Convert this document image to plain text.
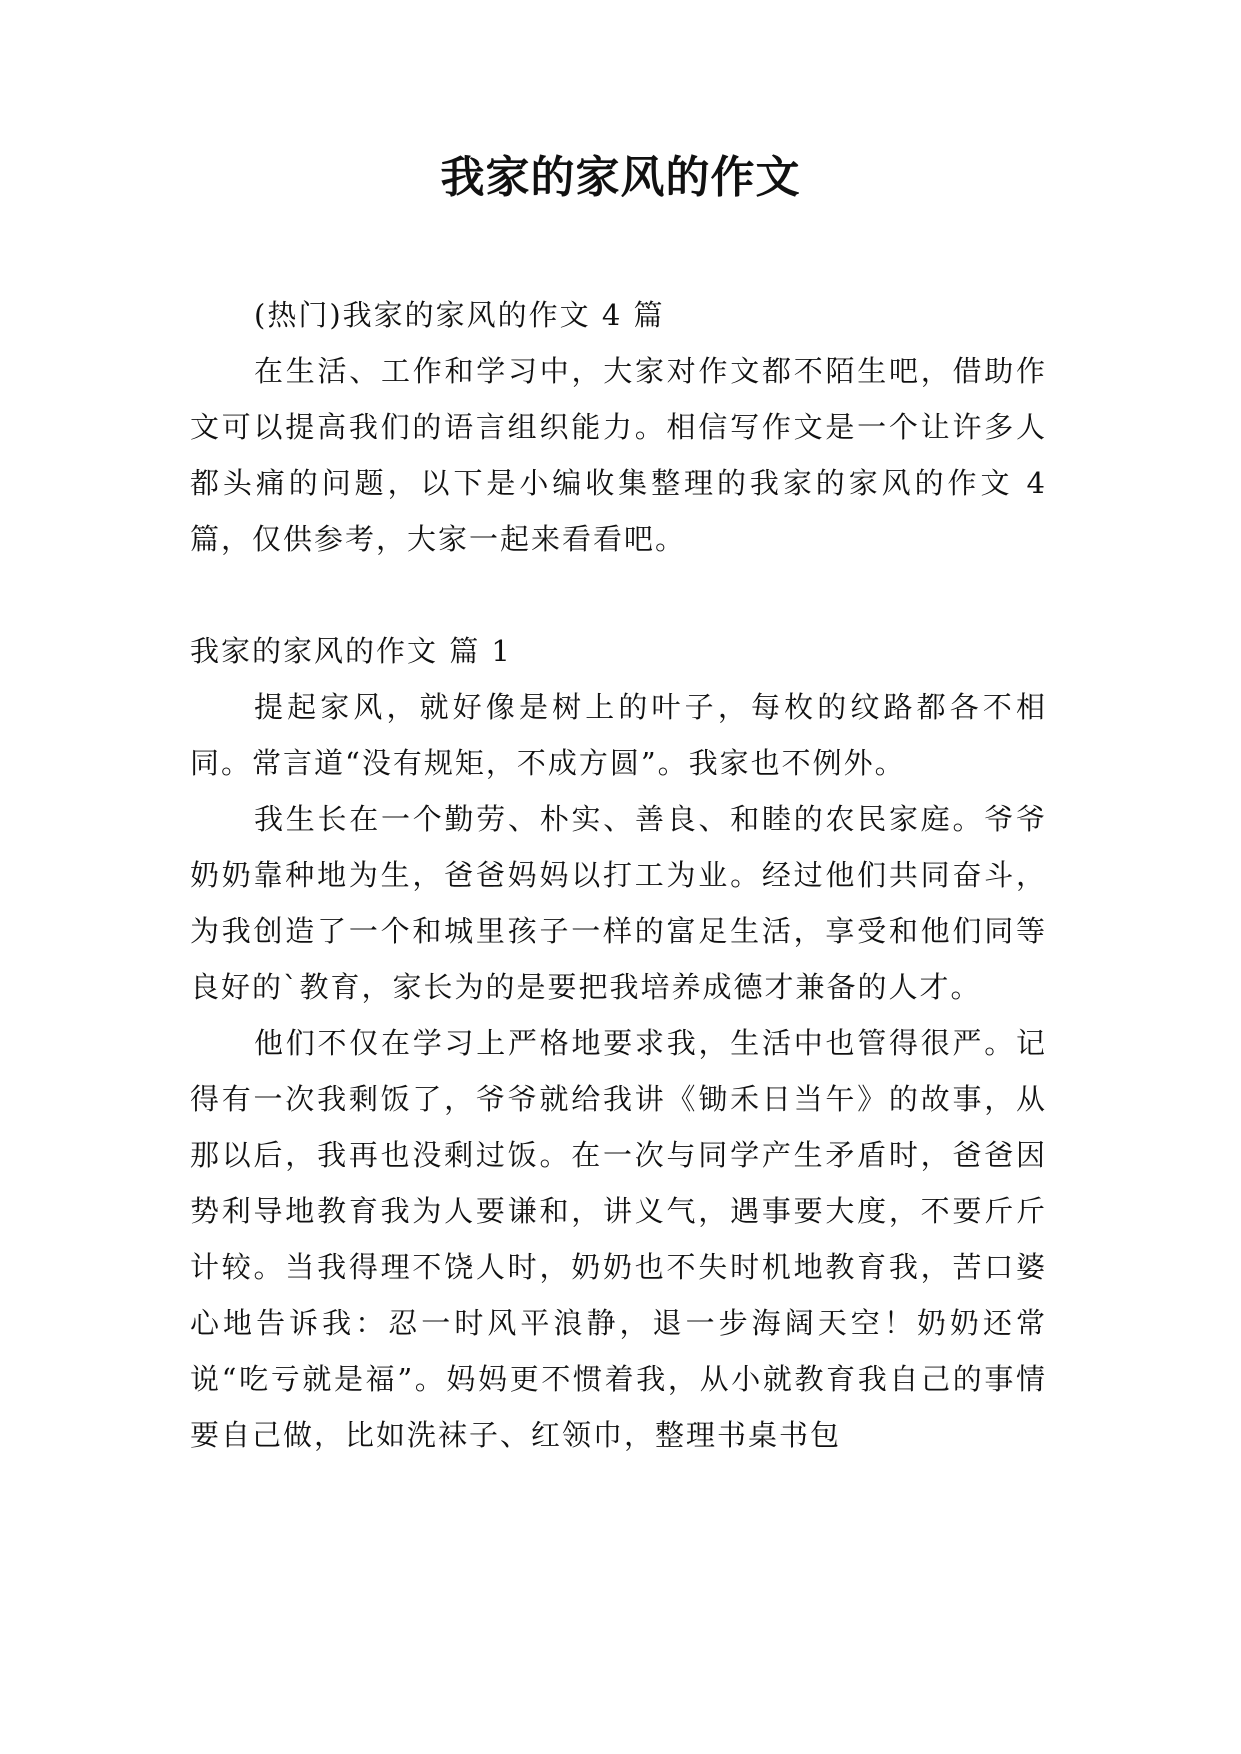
我家的家风的作文

(热门)我家的家风的作文 4 篇

在生活、工作和学习中，大家对作文都不陌生吧，借助作文可以提高我们的语言组织能力。相信写作文是一个让许多人都头痛的问题，以下是小编收集整理的我家的家风的作文 4 篇，仅供参考，大家一起来看看吧。

我家的家风的作文 篇 1

提起家风，就好像是树上的叶子，每枚的纹路都各不相同。常言道“没有规矩，不成方圆”。我家也不例外。

我生长在一个勤劳、朴实、善良、和睦的农民家庭。爷爷奶奶靠种地为生，爸爸妈妈以打工为业。经过他们共同奋斗，为我创造了一个和城里孩子一样的富足生活，享受和他们同等良好的`教育，家长为的是要把我培养成德才兼备的人才。

他们不仅在学习上严格地要求我，生活中也管得很严。记得有一次我剩饭了，爷爷就给我讲《锄禾日当午》的故事，从那以后，我再也没剩过饭。在一次与同学产生矛盾时，爸爸因势利导地教育我为人要谦和，讲义气，遇事要大度，不要斤斤计较。当我得理不饶人时，奶奶也不失时机地教育我，苦口婆心地告诉我：忍一时风平浪静，退一步海阔天空！奶奶还常说“吃亏就是福”。妈妈更不惯着我，从小就教育我自己的事情要自己做，比如洗袜子、红领巾，整理书桌书包
